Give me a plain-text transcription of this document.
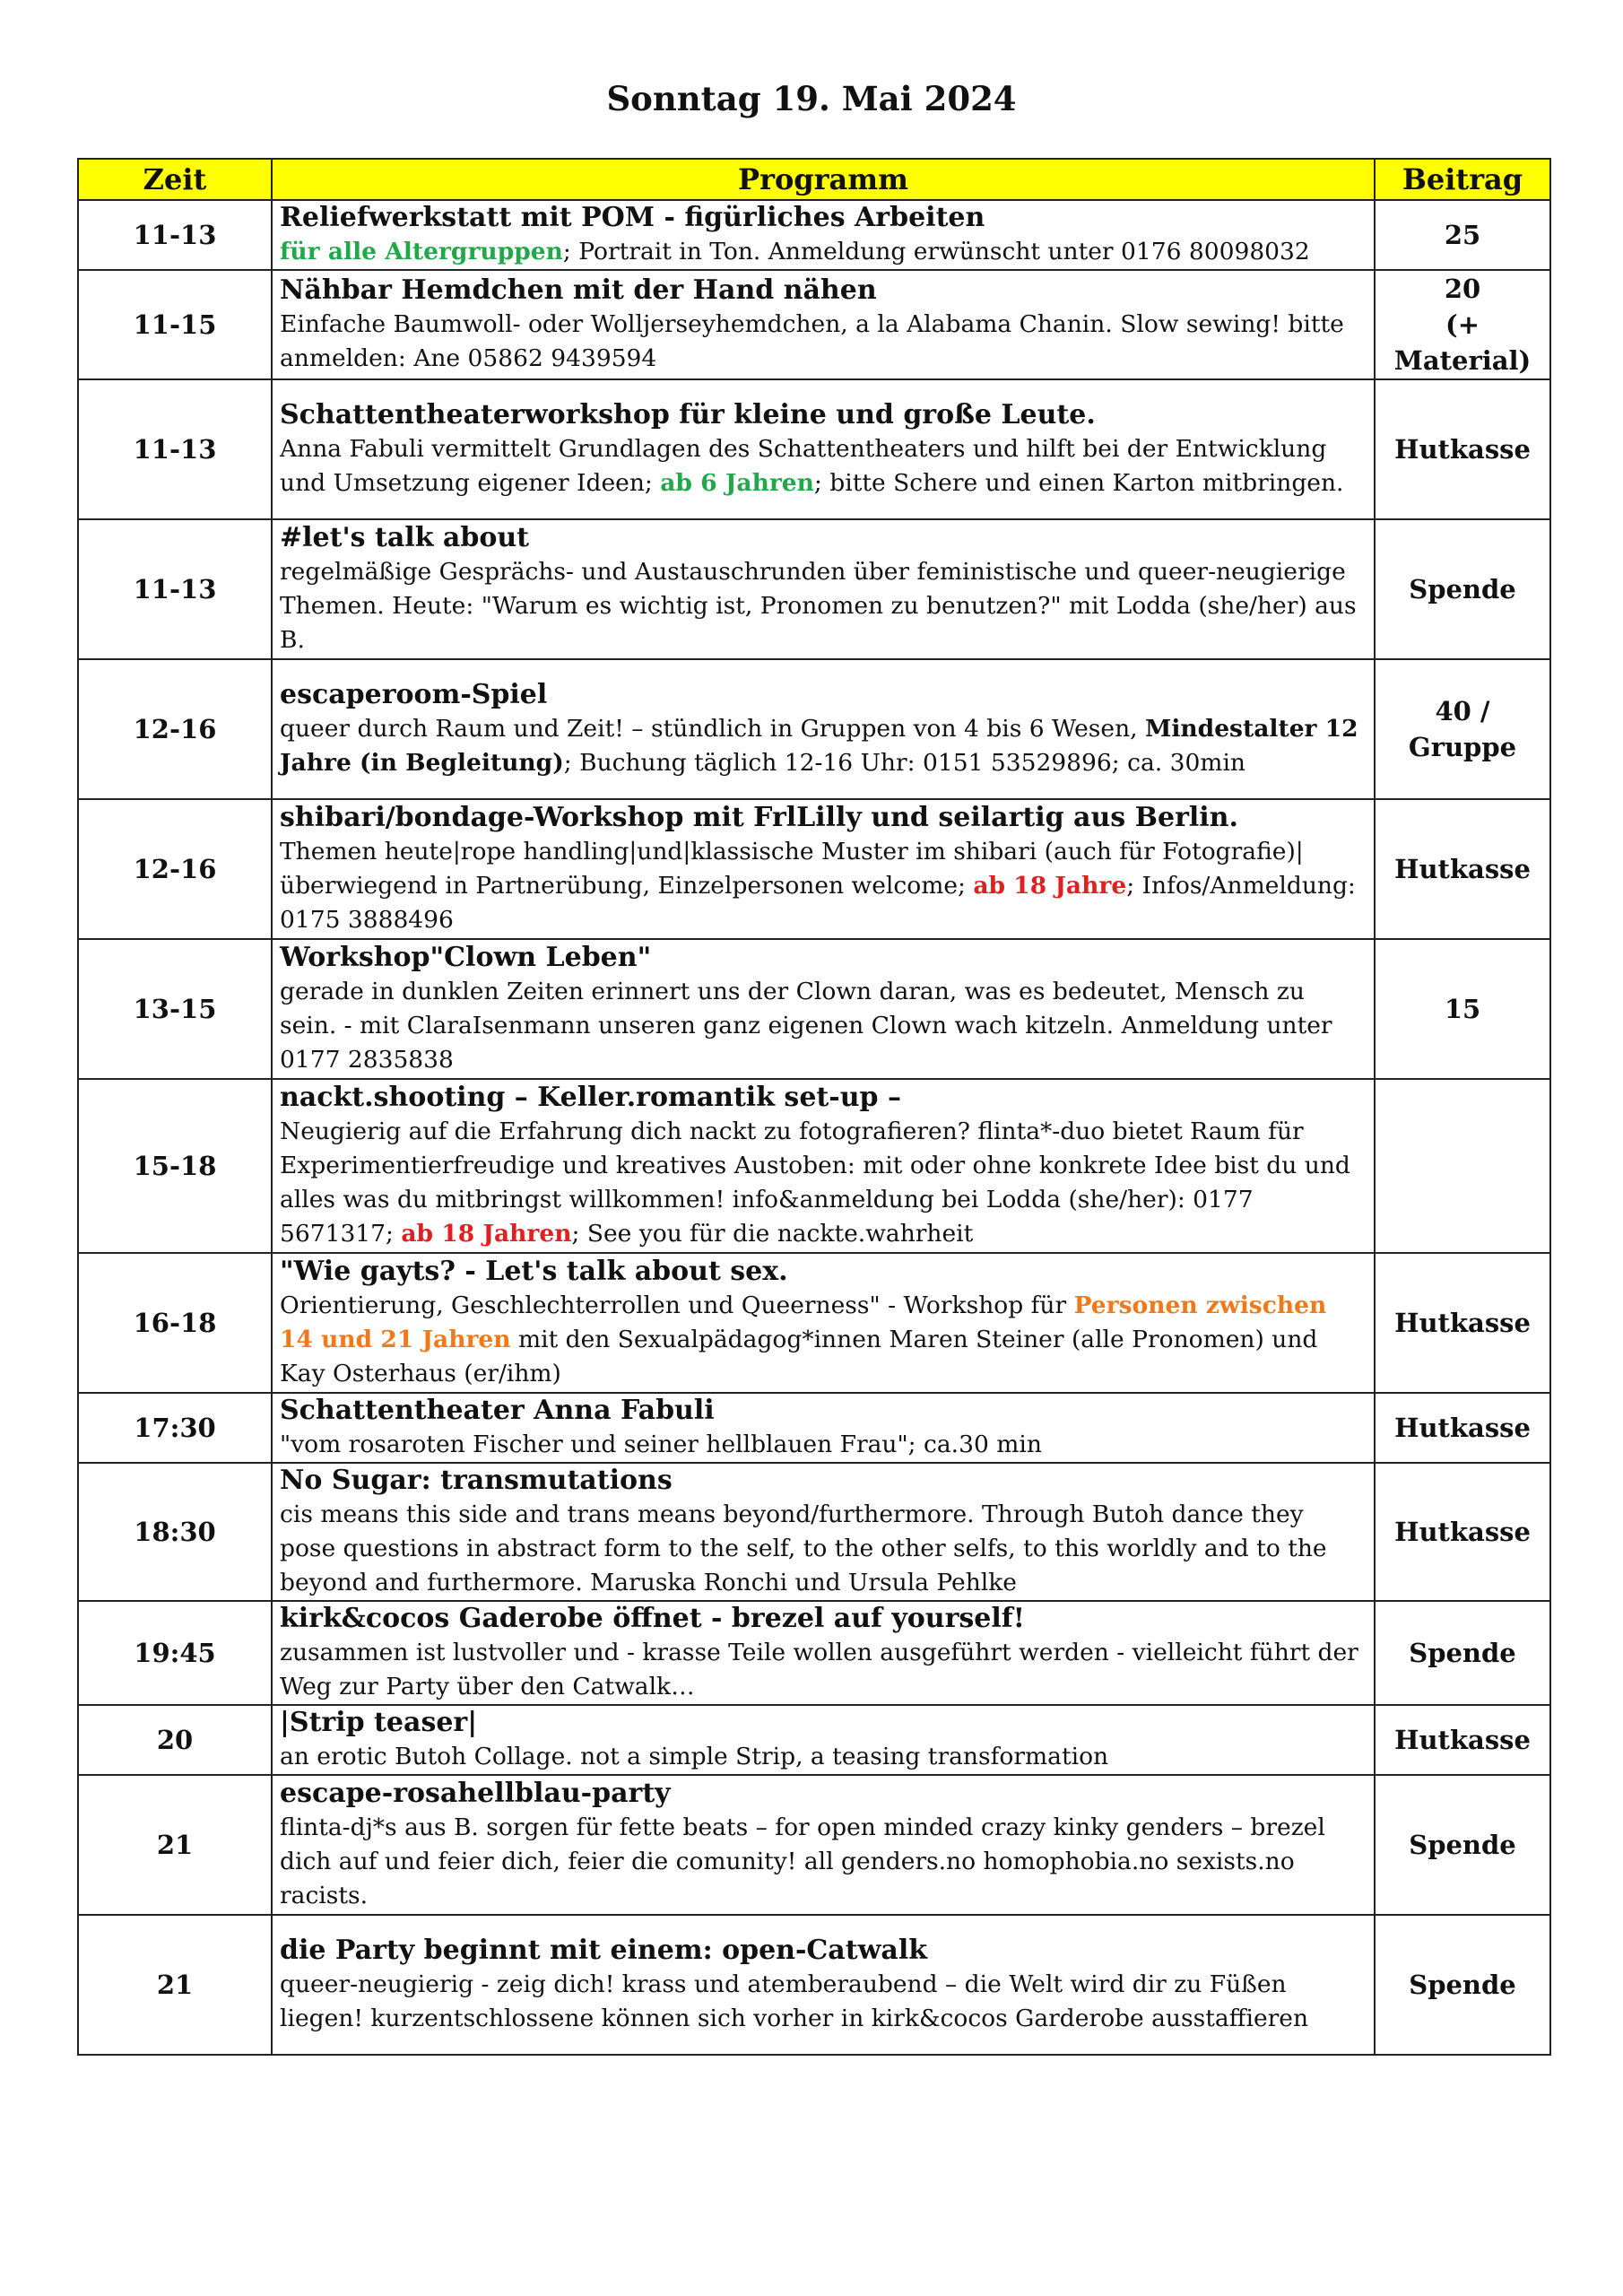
Sonntag 19. Mai 2024
Zeit	Programm	Beitrag
11-13	Reliefwerkstatt mit POM - figürliches Arbeiten
für alle Altergruppen; Portrait in Ton. Anmeldung erwünscht unter 0176 80098032	25

11-15	Nähbar Hemdchen mit der Hand nähen
Einfache Baumwoll- oder Wolljerseyhemdchen, a la Alabama Chanin. Slow sewing! bitte anmelden: Ane 05862 9439594	20
(+ Material)

11-13	Schattentheaterworkshop für kleine und große Leute.
Anna Fabuli vermittelt Grundlagen des Schattentheaters und hilft bei der Entwicklung und Umsetzung eigener Ideen; ab 6 Jahren; bitte Schere und einen Karton mitbringen.	Hutkasse

11-13	#let's talk about
regelmäßige Gesprächs- und Austauschrunden über feministische und queer-neugierige Themen. Heute: "Warum es wichtig ist, Pronomen zu benutzen?" mit Lodda (she/her) aus B.	Spende

12-16	escaperoom-Spiel
queer durch Raum und Zeit! – stündlich in Gruppen von 4 bis 6 Wesen, Mindestalter 12 Jahre (in Begleitung); Buchung täglich 12-16 Uhr: 0151 53529896; ca. 30min	40 / Gruppe

12-16	shibari/bondage-Workshop mit FrlLilly und seilartig aus Berlin.
Themen heute|rope handling|und|klassische Muster im shibari (auch für Fotografie)| überwiegend in Partnerübung, Einzelpersonen welcome; ab 18 Jahre; Infos/Anmeldung: 0175 3888496	Hutkasse

13-15	Workshop"Clown Leben"
gerade in dunklen Zeiten erinnert uns der Clown daran, was es bedeutet, Mensch zu sein. - mit ClaraIsenmann unseren ganz eigenen Clown wach kitzeln. Anmeldung unter 0177 2835838	15

15-18	nackt.shooting – Keller.romantik set-up –
Neugierig auf die Erfahrung dich nackt zu fotografieren? flinta*-duo bietet Raum für Experimentierfreudige und kreatives Austoben: mit oder ohne konkrete Idee bist du und alles was du mitbringst willkommen! info&anmeldung bei Lodda (she/her): 0177 5671317; ab 18 Jahren; See you für die nackte.wahrheit	

16-18	"Wie gayts? - Let's talk about sex.
Orientierung, Geschlechterrollen und Queerness" - Workshop für Personen zwischen 14 und 21 Jahren mit den Sexualpädagog*innen Maren Steiner (alle Pronomen) und Kay Osterhaus (er/ihm)	Hutkasse

17:30	Schattentheater Anna Fabuli
"vom rosaroten Fischer und seiner hellblauen Frau"; ca.30 min	Hutkasse

18:30	No Sugar: transmutations
cis means this side and trans means beyond/furthermore. Through Butoh dance they pose questions in abstract form to the self, to the other selfs, to this worldly and to the beyond and furthermore. Maruska Ronchi und Ursula Pehlke	Hutkasse

19:45	kirk&cocos Gaderobe öffnet - brezel auf yourself!
zusammen ist lustvoller und - krasse Teile wollen ausgeführt werden - vielleicht führt der Weg zur Party über den Catwalk…	Spende

20	|Strip teaser|
an erotic Butoh Collage. not a simple Strip, a teasing transformation	Hutkasse

21	escape-rosahellblau-party
flinta-dj*s aus B. sorgen für fette beats – for open minded crazy kinky genders – brezel dich auf und feier dich, feier die comunity! all genders.no homophobia.no sexists.no racists.	Spende

21	die Party beginnt mit einem: open-Catwalk
queer-neugierig - zeig dich! krass und atemberaubend – die Welt wird dir zu Füßen liegen! kurzentschlossene können sich vorher in kirk&cocos Garderobe ausstaffieren	Spende
